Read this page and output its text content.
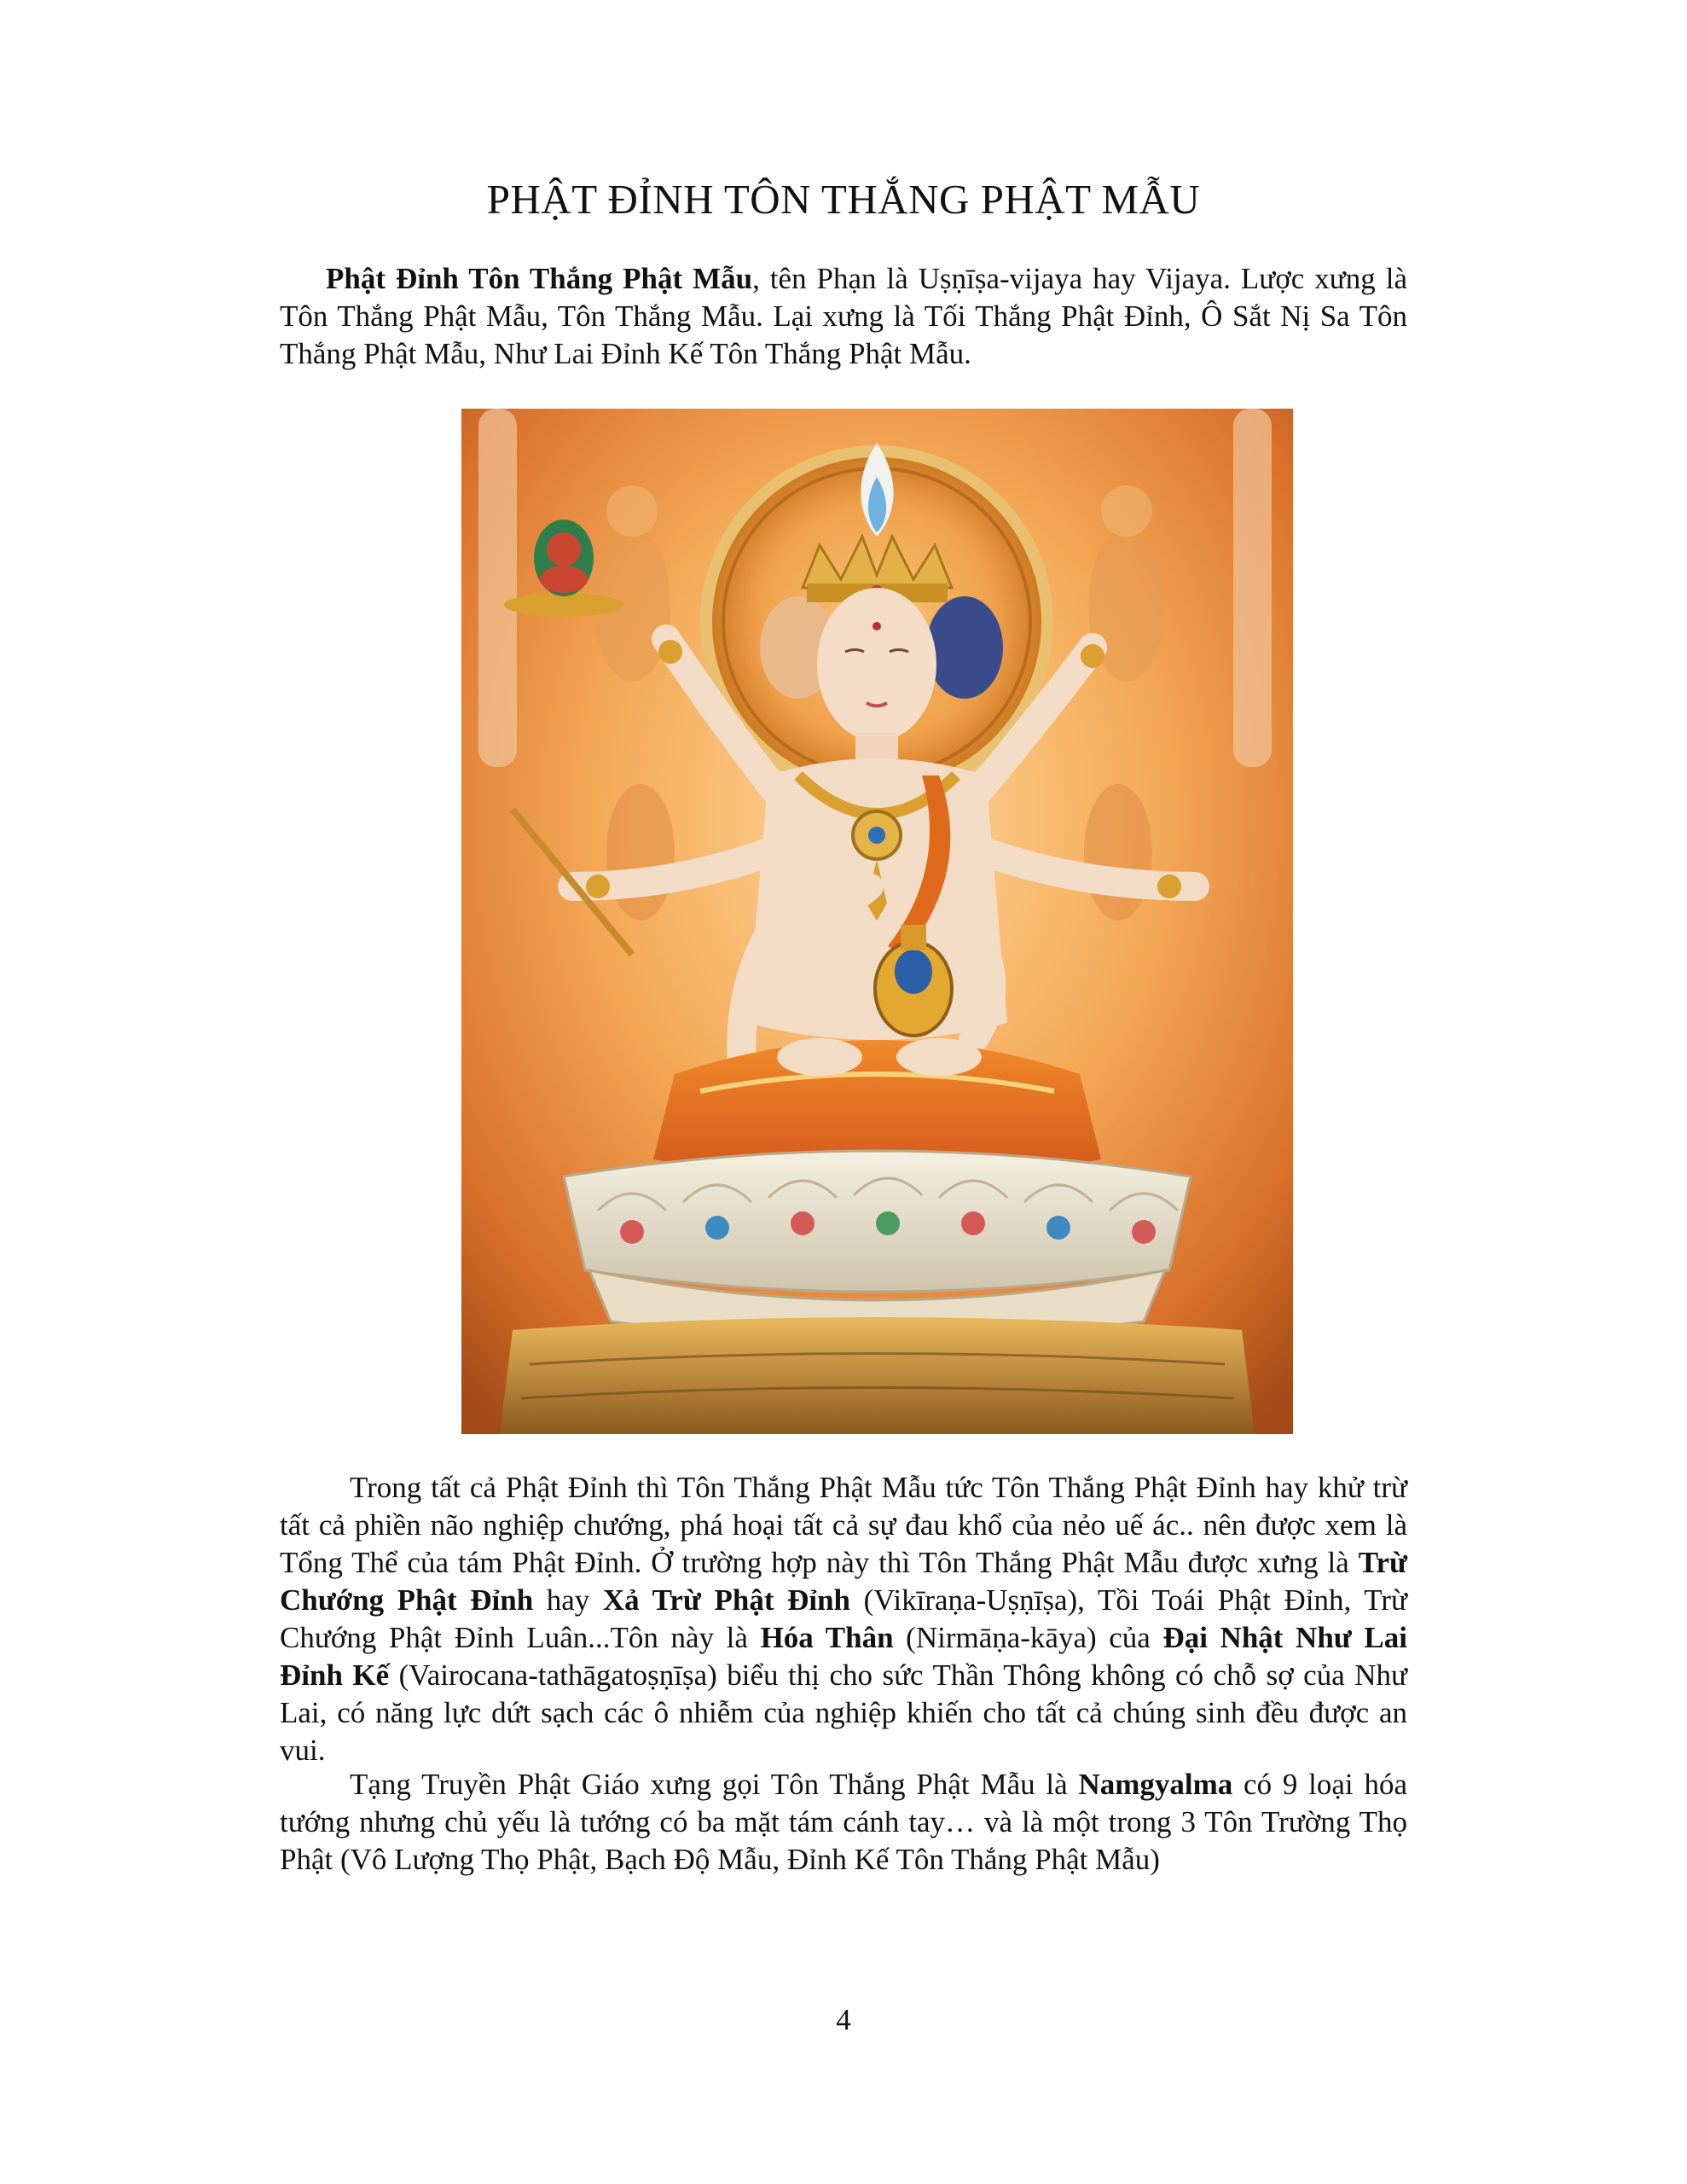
PHẬT ĐỈNH TÔN THẮNG PHẬT MẪU

Phật Đỉnh Tôn Thắng Phật Mẫu, tên Phạn là Uṣṇīṣa-vijaya hay Vijaya. Lược xưng là Tôn Thắng Phật Mẫu, Tôn Thắng Mẫu. Lại xưng là Tối Thắng Phật Đỉnh, Ô Sắt Nị Sa Tôn Thắng Phật Mẫu, Như Lai Đỉnh Kế Tôn Thắng Phật Mẫu.

Trong tất cả Phật Đỉnh thì Tôn Thắng Phật Mẫu tức Tôn Thắng Phật Đỉnh hay khử trừ tất cả phiền não nghiệp chướng, phá hoại tất cả sự đau khổ của nẻo uế ác.. nên được xem là Tổng Thể của tám Phật Đỉnh. Ở trường hợp này thì Tôn Thắng Phật Mẫu được xưng là Trừ Chướng Phật Đỉnh hay Xả Trừ Phật Đỉnh (Vikīraṇa-Uṣṇīṣa), Tồi Toái Phật Đỉnh, Trừ Chướng Phật Đỉnh Luân...Tôn này là Hóa Thân (Nirmāṇa-kāya) của Đại Nhật Như Lai Đỉnh Kế (Vairocana-tathāgatoṣṇīṣa) biểu thị cho sức Thần Thông không có chỗ sợ của Như Lai, có năng lực dứt sạch các ô nhiễm của nghiệp khiến cho tất cả chúng sinh đều được an vui.

Tạng Truyền Phật Giáo xưng gọi Tôn Thắng Phật Mẫu là Namgyalma có 9 loại hóa tướng nhưng chủ yếu là tướng có ba mặt tám cánh tay… và là một trong 3 Tôn Trường Thọ Phật (Vô Lượng Thọ Phật, Bạch Độ Mẫu, Đỉnh Kế Tôn Thắng Phật Mẫu)

4
